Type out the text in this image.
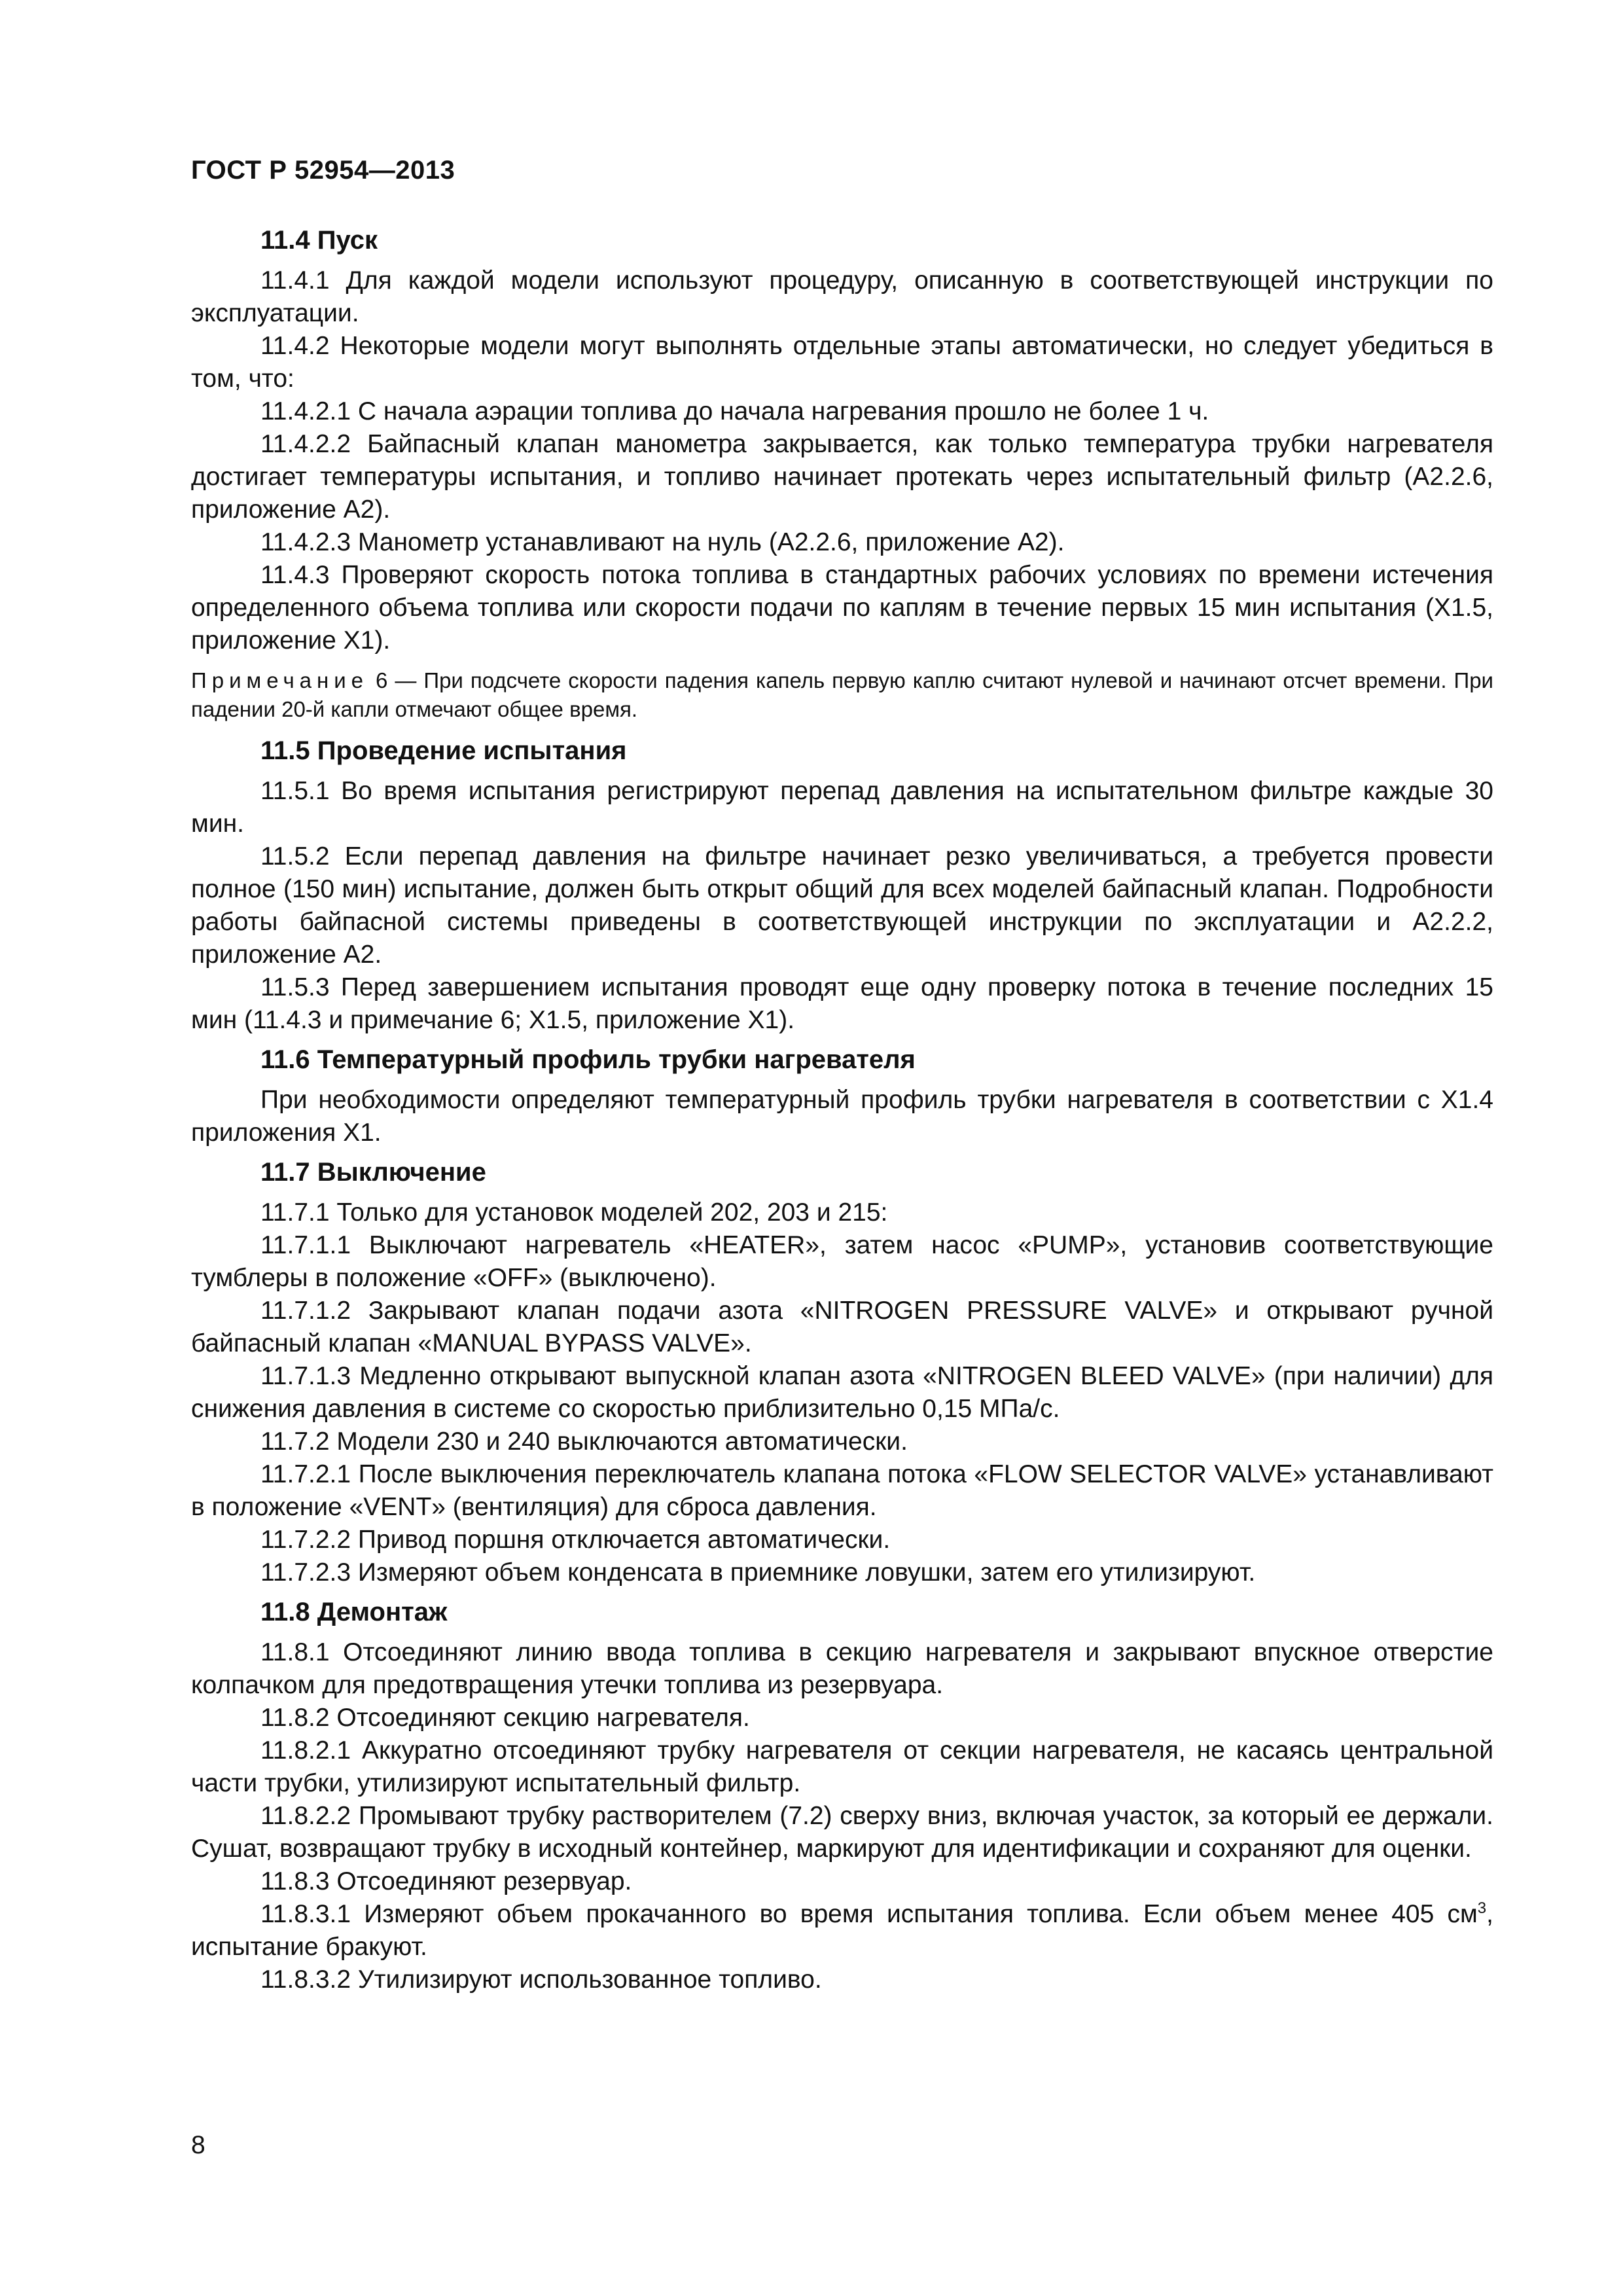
ГОСТ Р 52954—2013
11.4 Пуск

11.4.1 Для каждой модели используют процедуру, описанную в соответствующей инструкции по эксплуатации.

11.4.2 Некоторые модели могут выполнять отдельные этапы автоматически, но следует убедиться в том, что:

11.4.2.1 С начала аэрации топлива до начала нагревания прошло не более 1 ч.

11.4.2.2 Байпасный клапан манометра закрывается, как только температура трубки нагревателя достигает температуры испытания, и топливо начинает протекать через испытательный фильтр (А2.2.6, приложение А2).

11.4.2.3 Манометр устанавливают на нуль (А2.2.6, приложение А2).

11.4.3 Проверяют скорость потока топлива в стандартных рабочих условиях по времени истечения определенного объема топлива или скорости подачи по каплям в течение первых 15 мин испытания (Х1.5, приложение Х1).

Примечание 6 — При подсчете скорости падения капель первую каплю считают нулевой и начинают отсчет времени. При падении 20-й капли отмечают общее время.

11.5 Проведение испытания

11.5.1 Во время испытания регистрируют перепад давления на испытательном фильтре каждые 30 мин.

11.5.2 Если перепад давления на фильтре начинает резко увеличиваться, а требуется провести полное (150 мин) испытание, должен быть открыт общий для всех моделей байпасный клапан. Подробности работы байпасной системы приведены в соответствующей инструкции по эксплуатации и А2.2.2, приложение А2.

11.5.3 Перед завершением испытания проводят еще одну проверку потока в течение последних 15 мин (11.4.3 и примечание 6; Х1.5, приложение Х1).

11.6 Температурный профиль трубки нагревателя

При необходимости определяют температурный профиль трубки нагревателя в соответствии с Х1.4 приложения Х1.

11.7 Выключение

11.7.1 Только для установок моделей 202, 203 и 215:

11.7.1.1 Выключают нагреватель «HEATER», затем насос «PUMP», установив соответствующие тумблеры в положение «OFF» (выключено).

11.7.1.2 Закрывают клапан подачи азота «NITROGEN PRESSURE VALVE» и открывают ручной байпасный клапан «MANUAL BYPASS VALVE».

11.7.1.3 Медленно открывают выпускной клапан азота «NITROGEN BLEED VALVE» (при наличии) для снижения давления в системе со скоростью приблизительно 0,15 МПа/с.

11.7.2 Модели 230 и 240 выключаются автоматически.

11.7.2.1 После выключения переключатель клапана потока «FLOW SELECTOR VALVE» устанавливают в положение «VENT» (вентиляция) для сброса давления.

11.7.2.2 Привод поршня отключается автоматически.

11.7.2.3 Измеряют объем конденсата в приемнике ловушки, затем его утилизируют.

11.8 Демонтаж

11.8.1 Отсоединяют линию ввода топлива в секцию нагревателя и закрывают впускное отверстие колпачком для предотвращения утечки топлива из резервуара.

11.8.2 Отсоединяют секцию нагревателя.

11.8.2.1 Аккуратно отсоединяют трубку нагревателя от секции нагревателя, не касаясь центральной части трубки, утилизируют испытательный фильтр.

11.8.2.2 Промывают трубку растворителем (7.2) сверху вниз, включая участок, за который ее держали. Сушат, возвращают трубку в исходный контейнер, маркируют для идентификации и сохраняют для оценки.

11.8.3 Отсоединяют резервуар.

11.8.3.1 Измеряют объем прокачанного во время испытания топлива. Если объем менее 405 $см^3$, испытание бракуют.

11.8.3.2 Утилизируют использованное топливо.

8
